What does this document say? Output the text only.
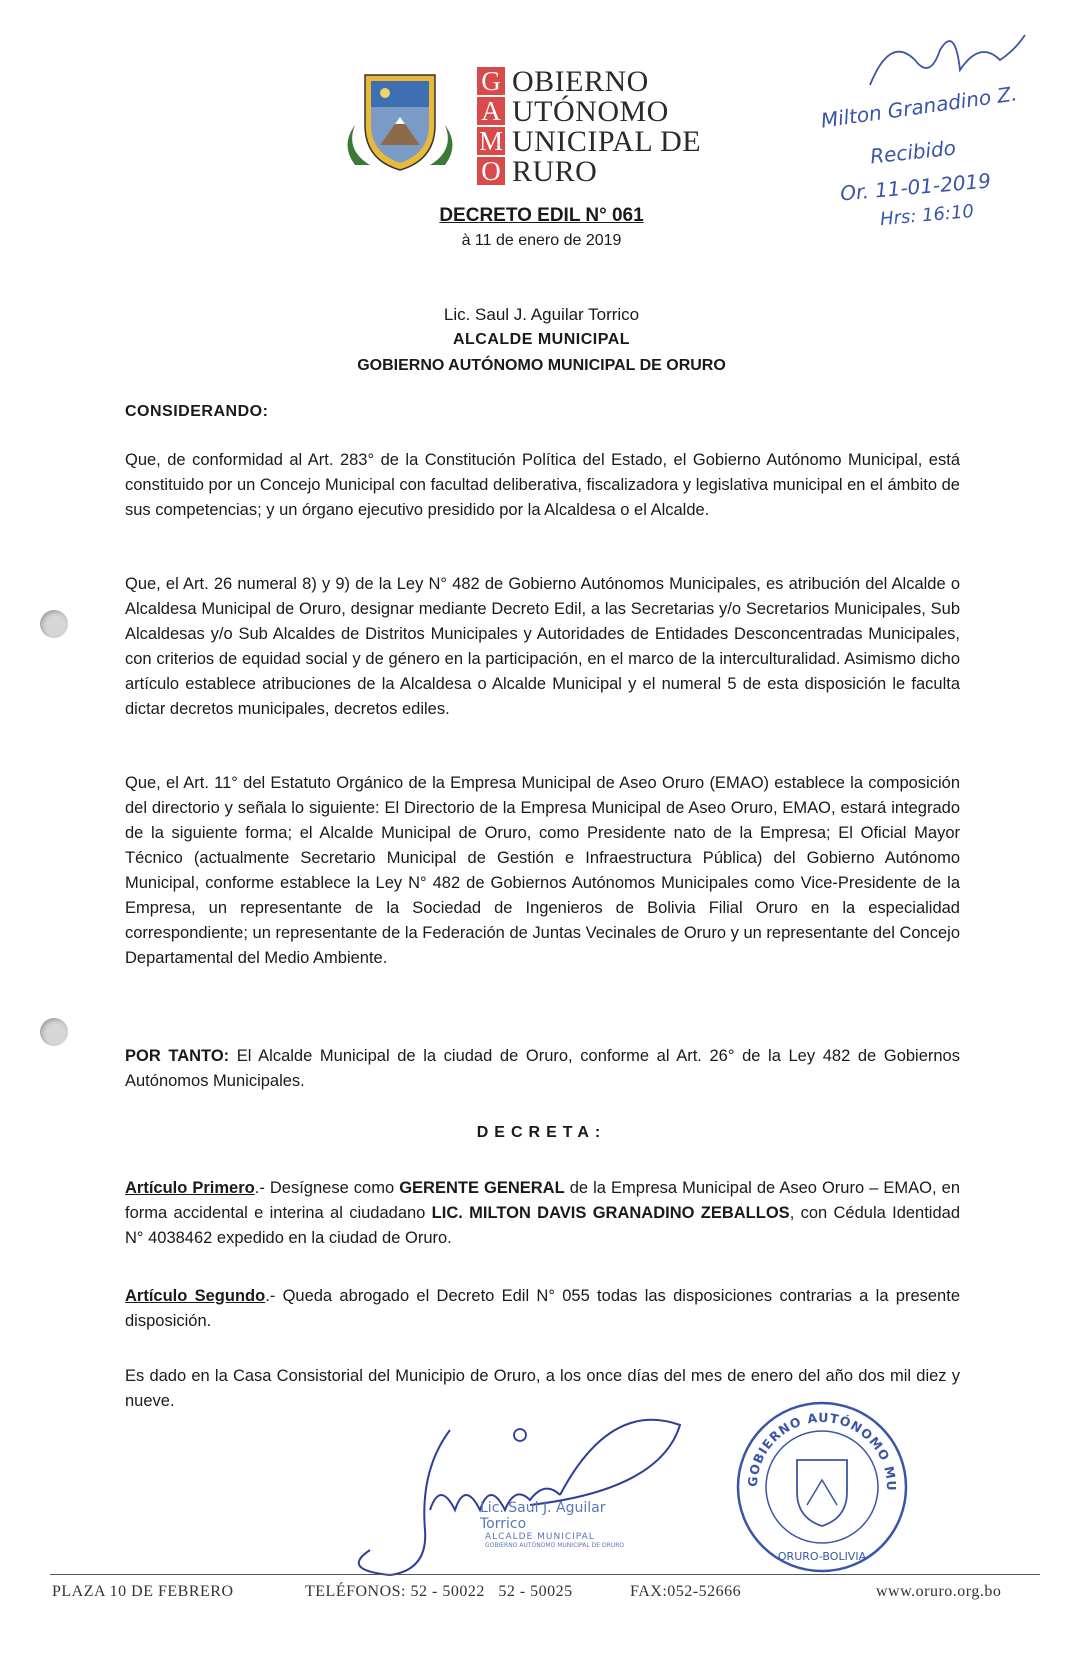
G
A
M
O
OBIERNO
UTÓNOMO
UNICIPAL DE
RURO
Milton Granadino Z.
Recibido
Or. 11-01-2019
Hrs: 16:10
DECRETO EDIL N° 061
à 11 de enero de 2019
Lic. Saul J. Aguilar Torrico
ALCALDE MUNICIPAL
GOBIERNO AUTÓNOMO MUNICIPAL DE ORURO
CONSIDERANDO:
Que, de conformidad al Art. 283° de la Constitución Política del Estado, el Gobierno Autónomo Municipal, está constituido por un Concejo Municipal con facultad deliberativa, fiscalizadora y legislativa municipal en el ámbito de sus competencias; y un órgano ejecutivo presidido por la Alcaldesa o el Alcalde.
Que, el Art. 26 numeral 8) y 9) de la Ley N° 482 de Gobierno Autónomos Municipales, es atribución del Alcalde o Alcaldesa Municipal de Oruro, designar mediante Decreto Edil, a las Secretarias y/o Secretarios Municipales, Sub Alcaldesas y/o Sub Alcaldes de Distritos Municipales y Autoridades de Entidades Desconcentradas Municipales, con criterios de equidad social y de género en la participación, en el marco de la interculturalidad. Asimismo dicho artículo establece atribuciones de la Alcaldesa o Alcalde Municipal y el numeral 5 de esta disposición le faculta dictar decretos municipales, decretos ediles.
Que, el Art. 11° del Estatuto Orgánico de la Empresa Municipal de Aseo Oruro (EMAO) establece la composición del directorio y señala lo siguiente: El Directorio de la Empresa Municipal de Aseo Oruro, EMAO, estará integrado de la siguiente forma; el Alcalde Municipal de Oruro, como Presidente nato de la Empresa; El Oficial Mayor Técnico (actualmente Secretario Municipal de Gestión e Infraestructura Pública) del Gobierno Autónomo Municipal, conforme establece la Ley N° 482 de Gobiernos Autónomos Municipales como Vice-Presidente de la Empresa, un representante de la Sociedad de Ingenieros de Bolivia Filial Oruro en la especialidad correspondiente; un representante de la Federación de Juntas Vecinales de Oruro y un representante del Concejo Departamental del Medio Ambiente.
POR TANTO: El Alcalde Municipal de la ciudad de Oruro, conforme al Art. 26° de la Ley 482 de Gobiernos Autónomos Municipales.
DECRETA:
Artículo Primero.- Desígnese como GERENTE GENERAL de la Empresa Municipal de Aseo Oruro – EMAO, en forma accidental e interina al ciudadano LIC. MILTON DAVIS GRANADINO ZEBALLOS, con Cédula Identidad N° 4038462 expedido en la ciudad de Oruro.
Artículo Segundo.- Queda abrogado el Decreto Edil N° 055 todas las disposiciones contrarias a la presente disposición.
Es dado en la Casa Consistorial del Municipio de Oruro, a los once días del mes de enero del año dos mil diez y nueve.
Lic. Saul J. Aguilar Torrico
ALCALDE MUNICIPAL
GOBIERNO AUTÓNOMO MUNICIPAL DE ORURO
GOBIERNO AUTÓNOMO MU
ORURO-BOLIVIA
PLAZA 10 DE FEBRERO	TELÉFONOS: 52 - 50022   52 - 50025	FAX:052-52666	www.oruro.org.bo
